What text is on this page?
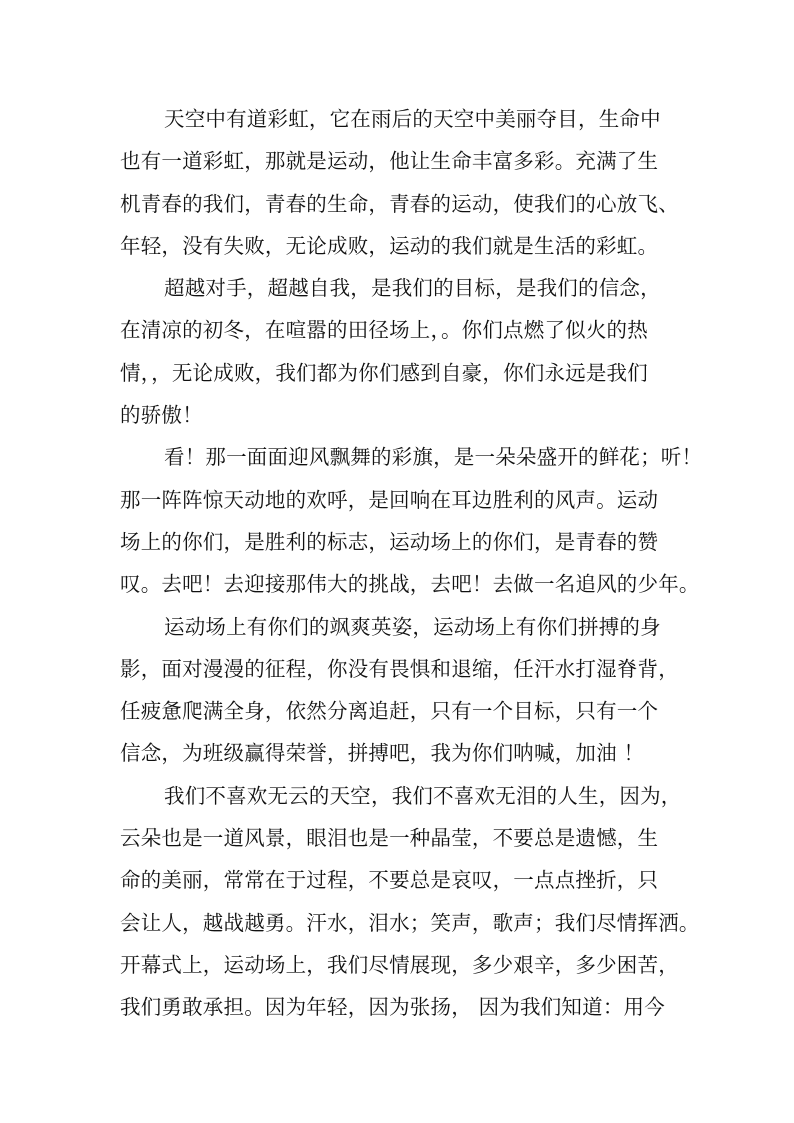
天空中有道彩虹，它在雨后的天空中美丽夺目，生命中
也有一道彩虹，那就是运动，他让生命丰富多彩。充满了生
机青春的我们，青春的生命，青春的运动，使我们的心放飞、
年轻，没有失败，无论成败，运动的我们就是生活的彩虹。
超越对手，超越自我，是我们的目标，是我们的信念，
在清凉的初冬，在喧嚣的田径场上，。你们点燃了似火的热
情，，无论成败，我们都为你们感到自豪，你们永远是我们
的骄傲！
看！那一面面迎风飘舞的彩旗，是一朵朵盛开的鲜花；听！
那一阵阵惊天动地的欢呼，是回响在耳边胜利的风声。运动
场上的你们，是胜利的标志，运动场上的你们，是青春的赞
叹。去吧！去迎接那伟大的挑战，去吧！去做一名追风的少年。
运动场上有你们的飒爽英姿，运动场上有你们拼搏的身
影，面对漫漫的征程，你没有畏惧和退缩，任汗水打湿脊背，
任疲惫爬满全身，依然分离追赶，只有一个目标，只有一个
信念，为班级赢得荣誉，拼搏吧，我为你们呐喊，加油 ！
我们不喜欢无云的天空，我们不喜欢无泪的人生，因为，
云朵也是一道风景，眼泪也是一种晶莹，不要总是遗憾，生
命的美丽，常常在于过程，不要总是哀叹，一点点挫折，只
会让人，越战越勇。汗水，泪水；笑声，歌声；我们尽情挥洒。
开幕式上，运动场上，我们尽情展现，多少艰辛，多少困苦，
我们勇敢承担。因为年轻，因为张扬， 因为我们知道：用今
